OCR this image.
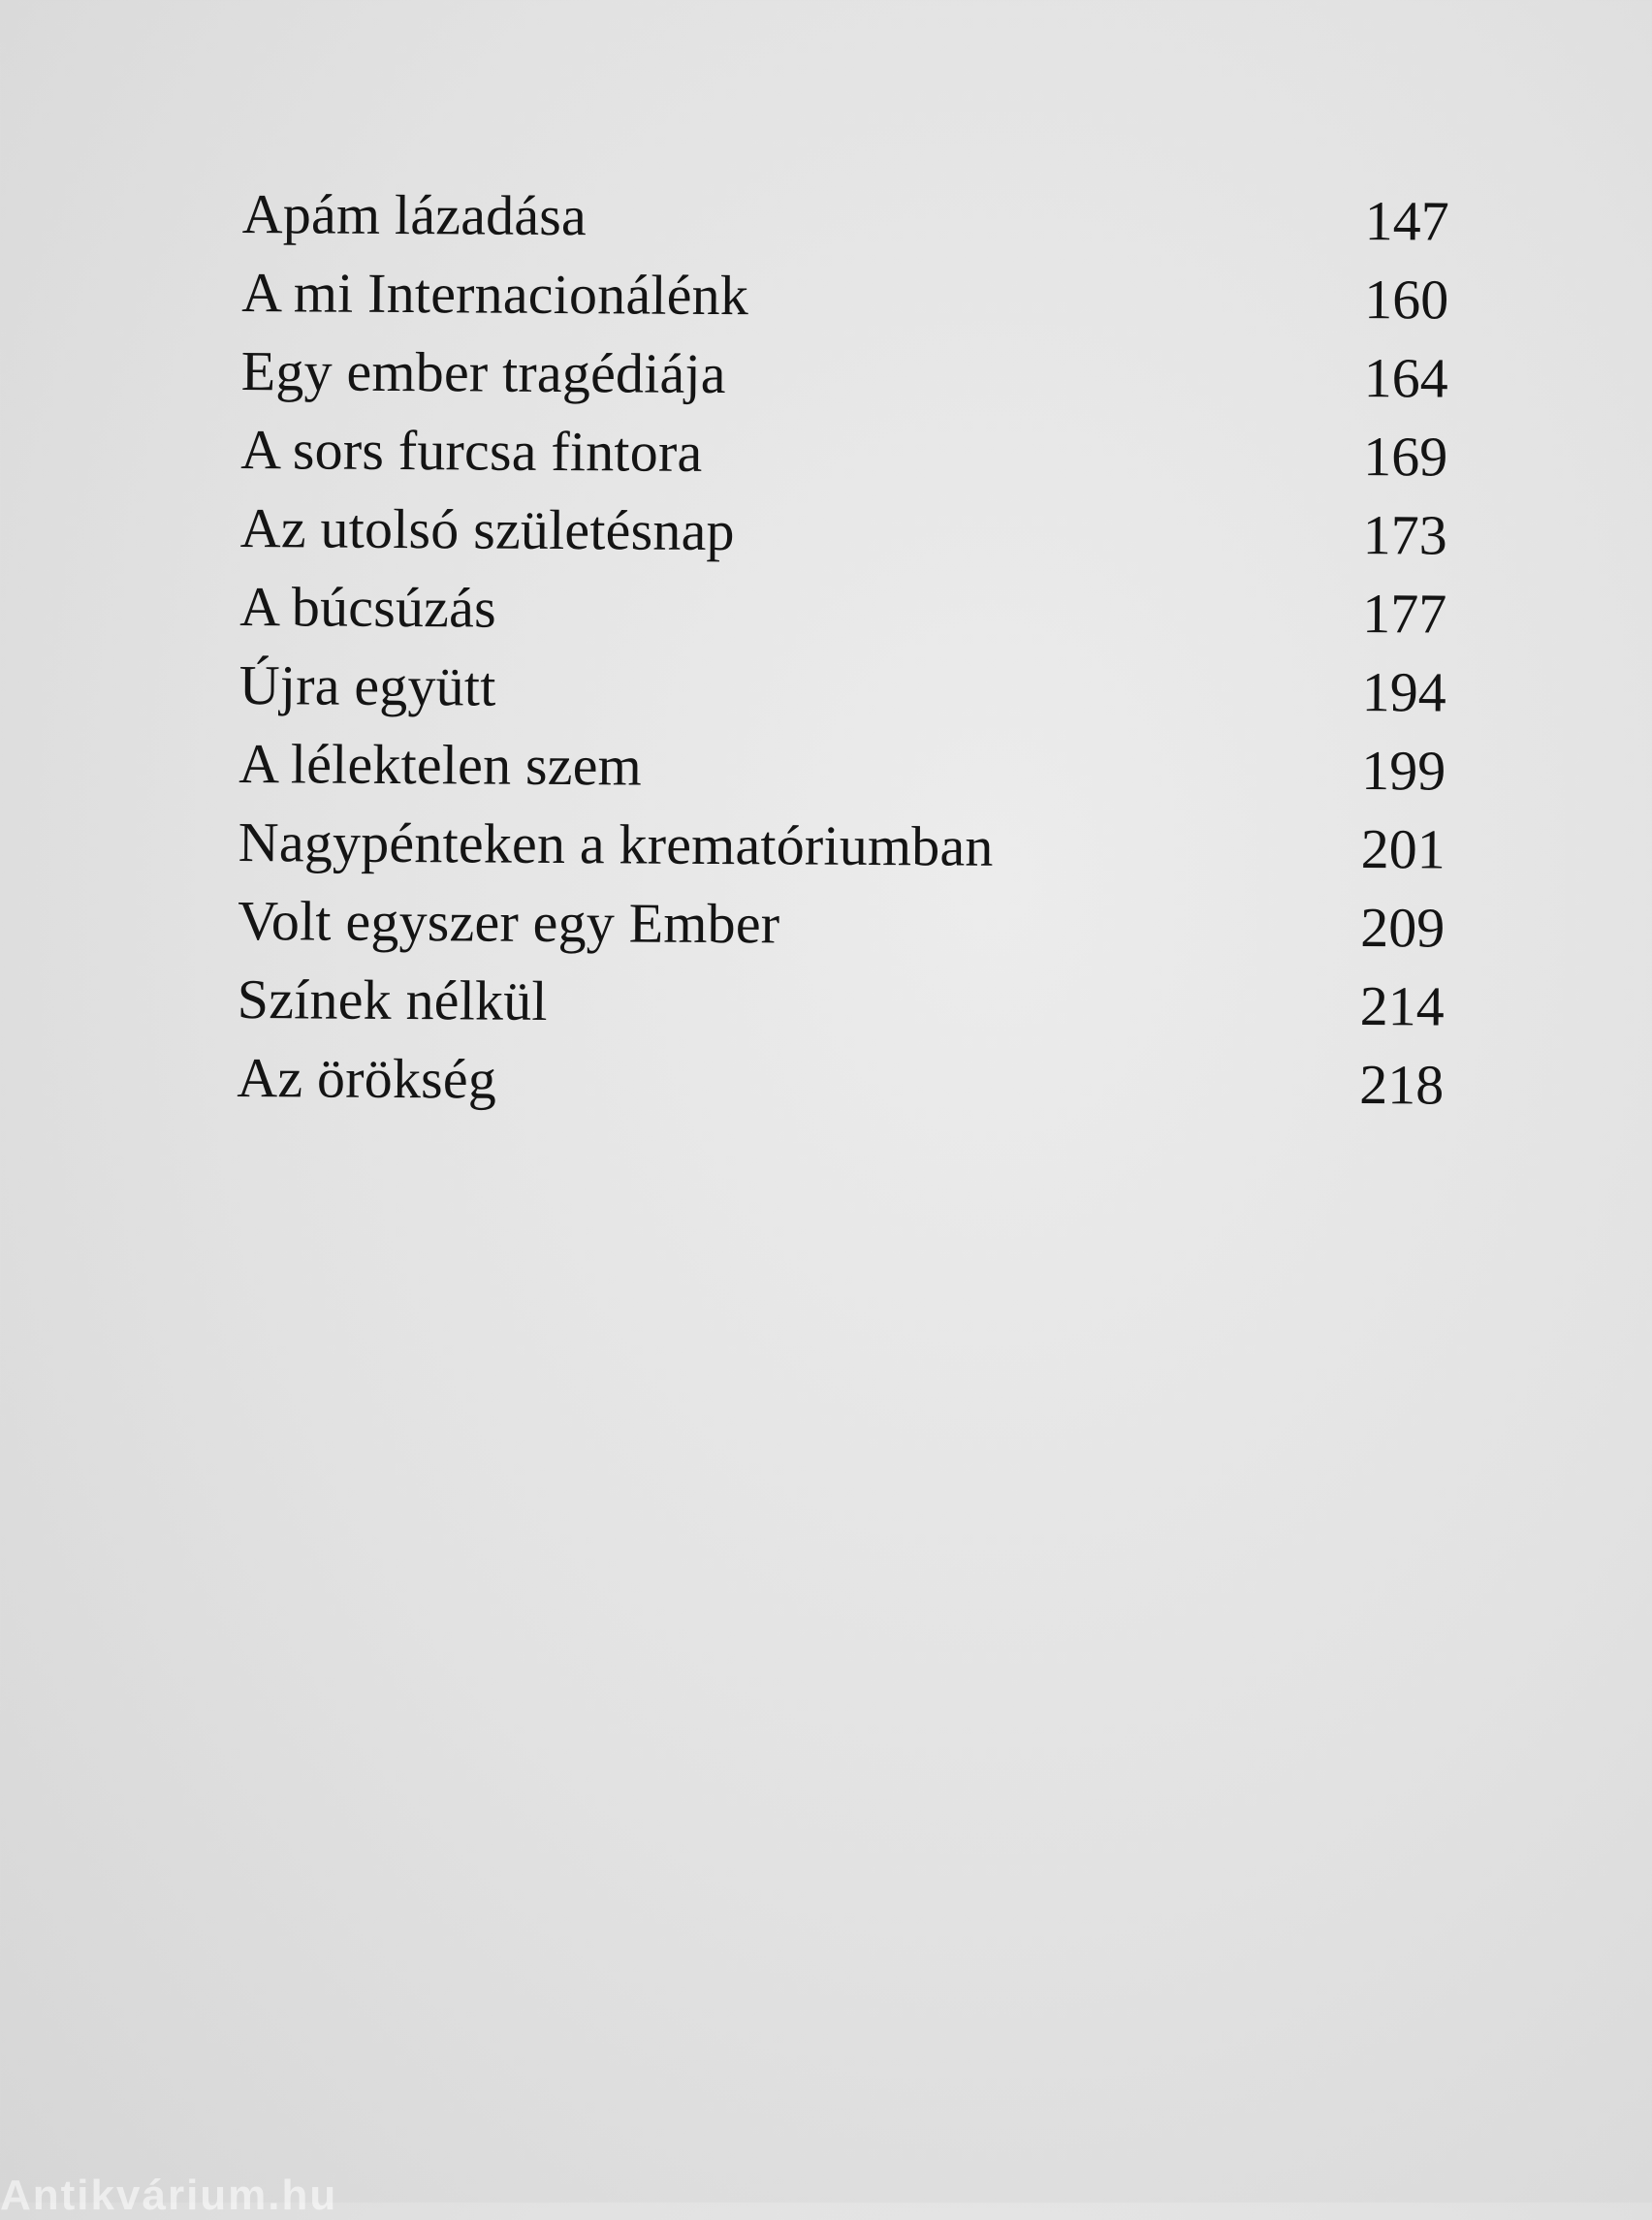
Apám lázadása	147
A mi Internacionálénk	160
Egy ember tragédiája	164
A sors furcsa fintora	169
Az utolsó születésnap	173
A búcsúzás	177
Újra együtt	194
A lélektelen szem	199
Nagypénteken a krematóriumban	201
Volt egyszer egy Ember	209
Színek nélkül	214
Az örökség	218
Antikvárium.hu
